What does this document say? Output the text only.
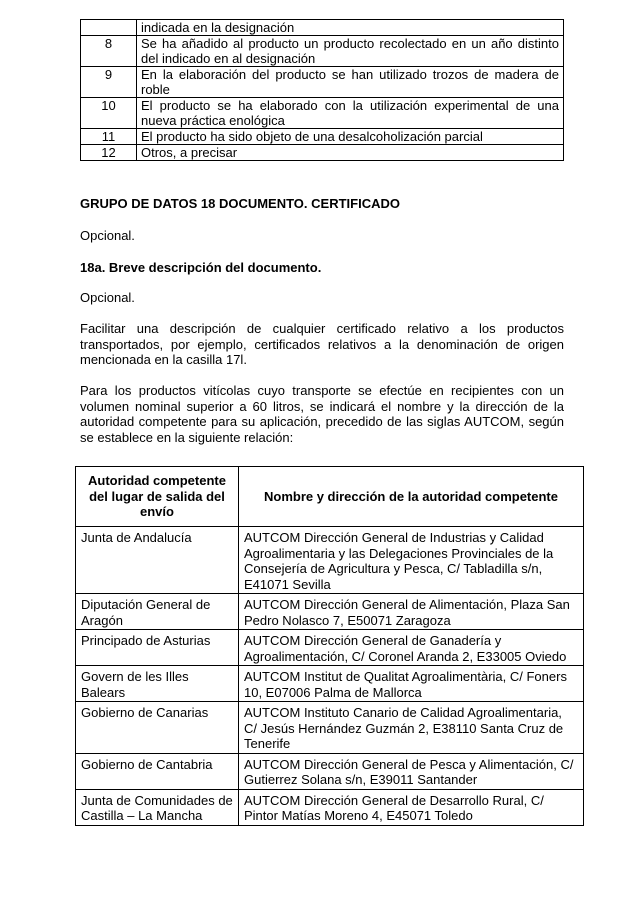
	indicada en la designación
8	Se ha añadido al producto un producto recolectado en un año distinto del indicado en al designación
9	En la elaboración del producto se han utilizado trozos de madera de roble
10	El producto se ha elaborado con la utilización experimental de una nueva práctica enológica
11	El producto ha sido objeto de una desalcoholización parcial
12	Otros, a precisar
GRUPO DE DATOS 18 DOCUMENTO. CERTIFICADO
Opcional.
18a. Breve descripción del documento.
Opcional.
Facilitar una descripción de cualquier certificado relativo a los productos transportados, por ejemplo, certificados relativos a la denominación de origen mencionada en la casilla 17l.
Para los productos vitícolas cuyo transporte se efectúe en recipientes con un volumen nominal superior a 60 litros, se indicará el nombre y la dirección de la autoridad competente para su aplicación, precedido de las siglas AUTCOM, según se establece en la siguiente relación:
Autoridad competente del lugar de salida del envío	Nombre y dirección de la autoridad competente
Junta de Andalucía	AUTCOM Dirección General de Industrias y Calidad Agroalimentaria y las Delegaciones Provinciales de la Consejería de Agricultura y Pesca, C/ Tabladilla s/n, E41071 Sevilla
Diputación General de Aragón	AUTCOM Dirección General de Alimentación, Plaza San Pedro Nolasco 7, E50071 Zaragoza
Principado de Asturias	AUTCOM Dirección General de Ganadería y Agroalimentación, C/ Coronel Aranda 2, E33005 Oviedo
Govern de les Illes Balears	AUTCOM Institut de Qualitat Agroalimentària, C/ Foners 10, E07006 Palma de Mallorca
Gobierno de Canarias	AUTCOM Instituto Canario de Calidad Agroalimentaria, C/ Jesús Hernández Guzmán 2, E38110 Santa Cruz de Tenerife
Gobierno de Cantabria	AUTCOM Dirección General de Pesca y Alimentación, C/ Gutierrez Solana s/n, E39011 Santander
Junta de Comunidades de Castilla – La Mancha	AUTCOM Dirección General de Desarrollo Rural, C/ Pintor Matías Moreno 4, E45071 Toledo
